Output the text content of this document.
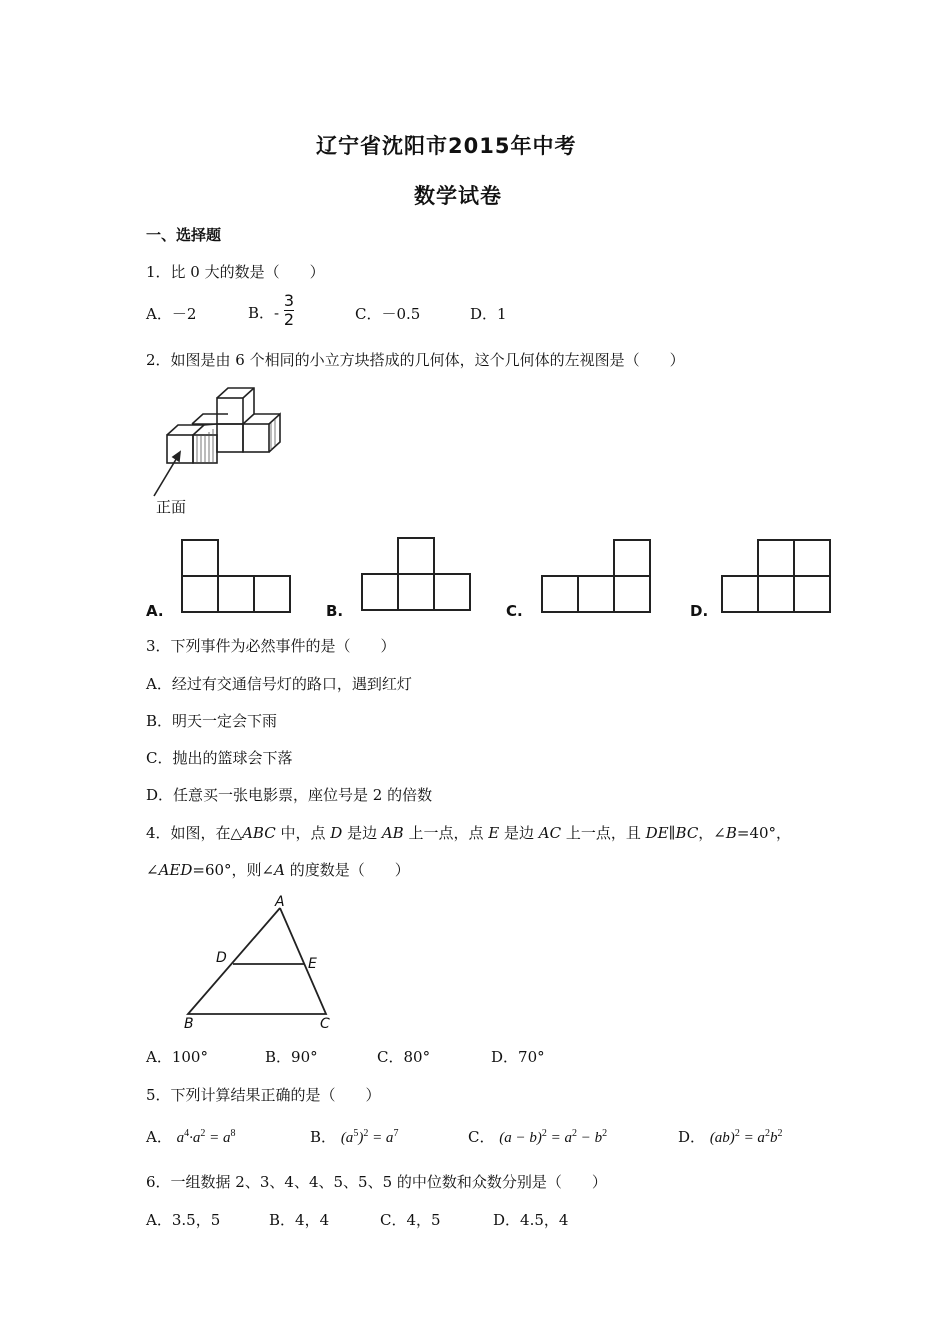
辽宁省沈阳市2015年中考
数学试卷
一、选择题
1．比 0 大的数是（　　）
A．－2	B．- $\frac{3}{2}$	C．－0.5	D．1
2．如图是由 6 个相同的小立方块搭成的几何体，这个几何体的左视图是（　　）
正面
A.	B.	C.	D.
3．下列事件为必然事件的是（　　）
A．经过有交通信号灯的路口，遇到红灯
B．明天一定会下雨
C．抛出的篮球会下落
D．任意买一张电影票，座位号是 2 的倍数
4．如图，在△ABC 中，点 D 是边 AB 上一点，点 E 是边 AC 上一点，且 DE∥BC，∠B=40°，
∠AED=60°，则∠A 的度数是（　　）
A
B	C
D	E
A．100°	B．90°	C．80°	D．70°
5．下列计算结果正确的是（　　）
A． $a^4\cdot a^2 = a^8$	B． $(a^5)^2 = a^7$	C． $(a - b)^2 = a^2 - b^2$	D． $(ab)^2 = a^2b^2$
6．一组数据 2、3、4、4、5、5、5 的中位数和众数分别是（　　）
A．3.5，5	B．4，4	C．4，5	D．4.5，4
